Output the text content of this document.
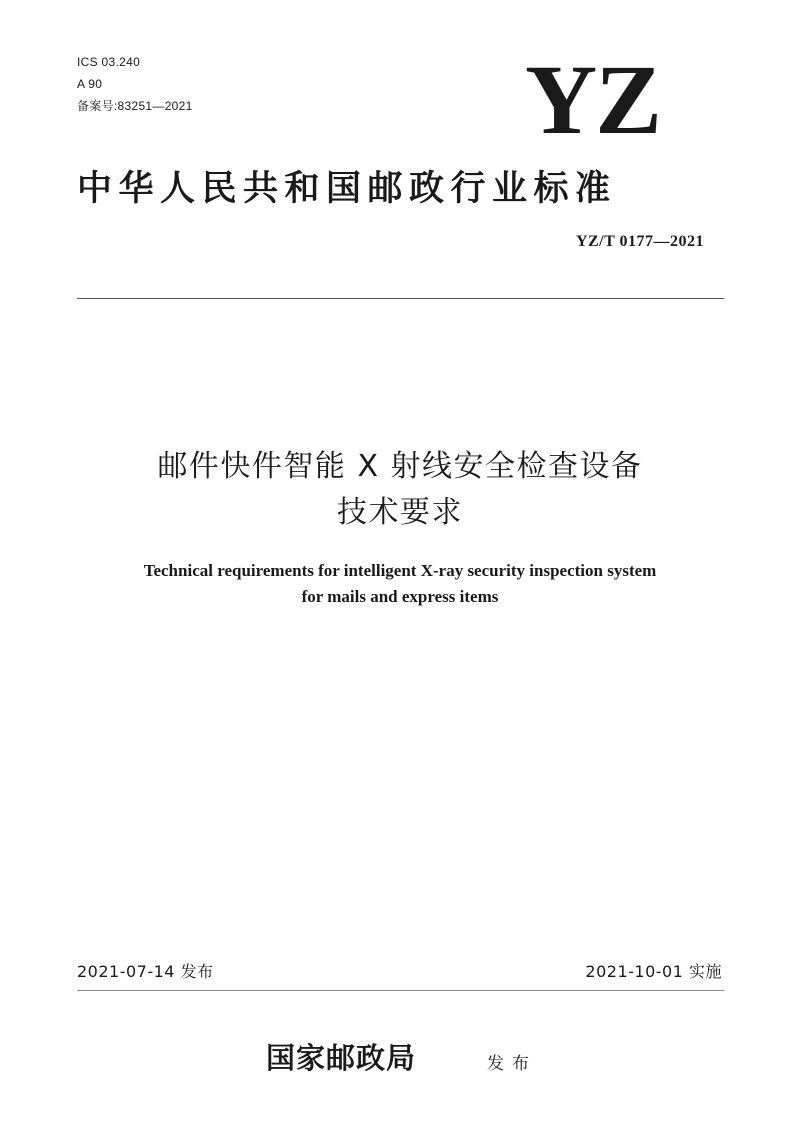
ICS 03.240
A 90
备案号:83251—2021	YZ
中华人民共和国邮政行业标准
YZ/T 0177—2021
邮件快件智能 X 射线安全检查设备
技术要求
Technical requirements for intelligent X-ray security inspection system
for mails and express items
2021-07-14 发布	2021-10-01 实施
国家邮政局	发布
